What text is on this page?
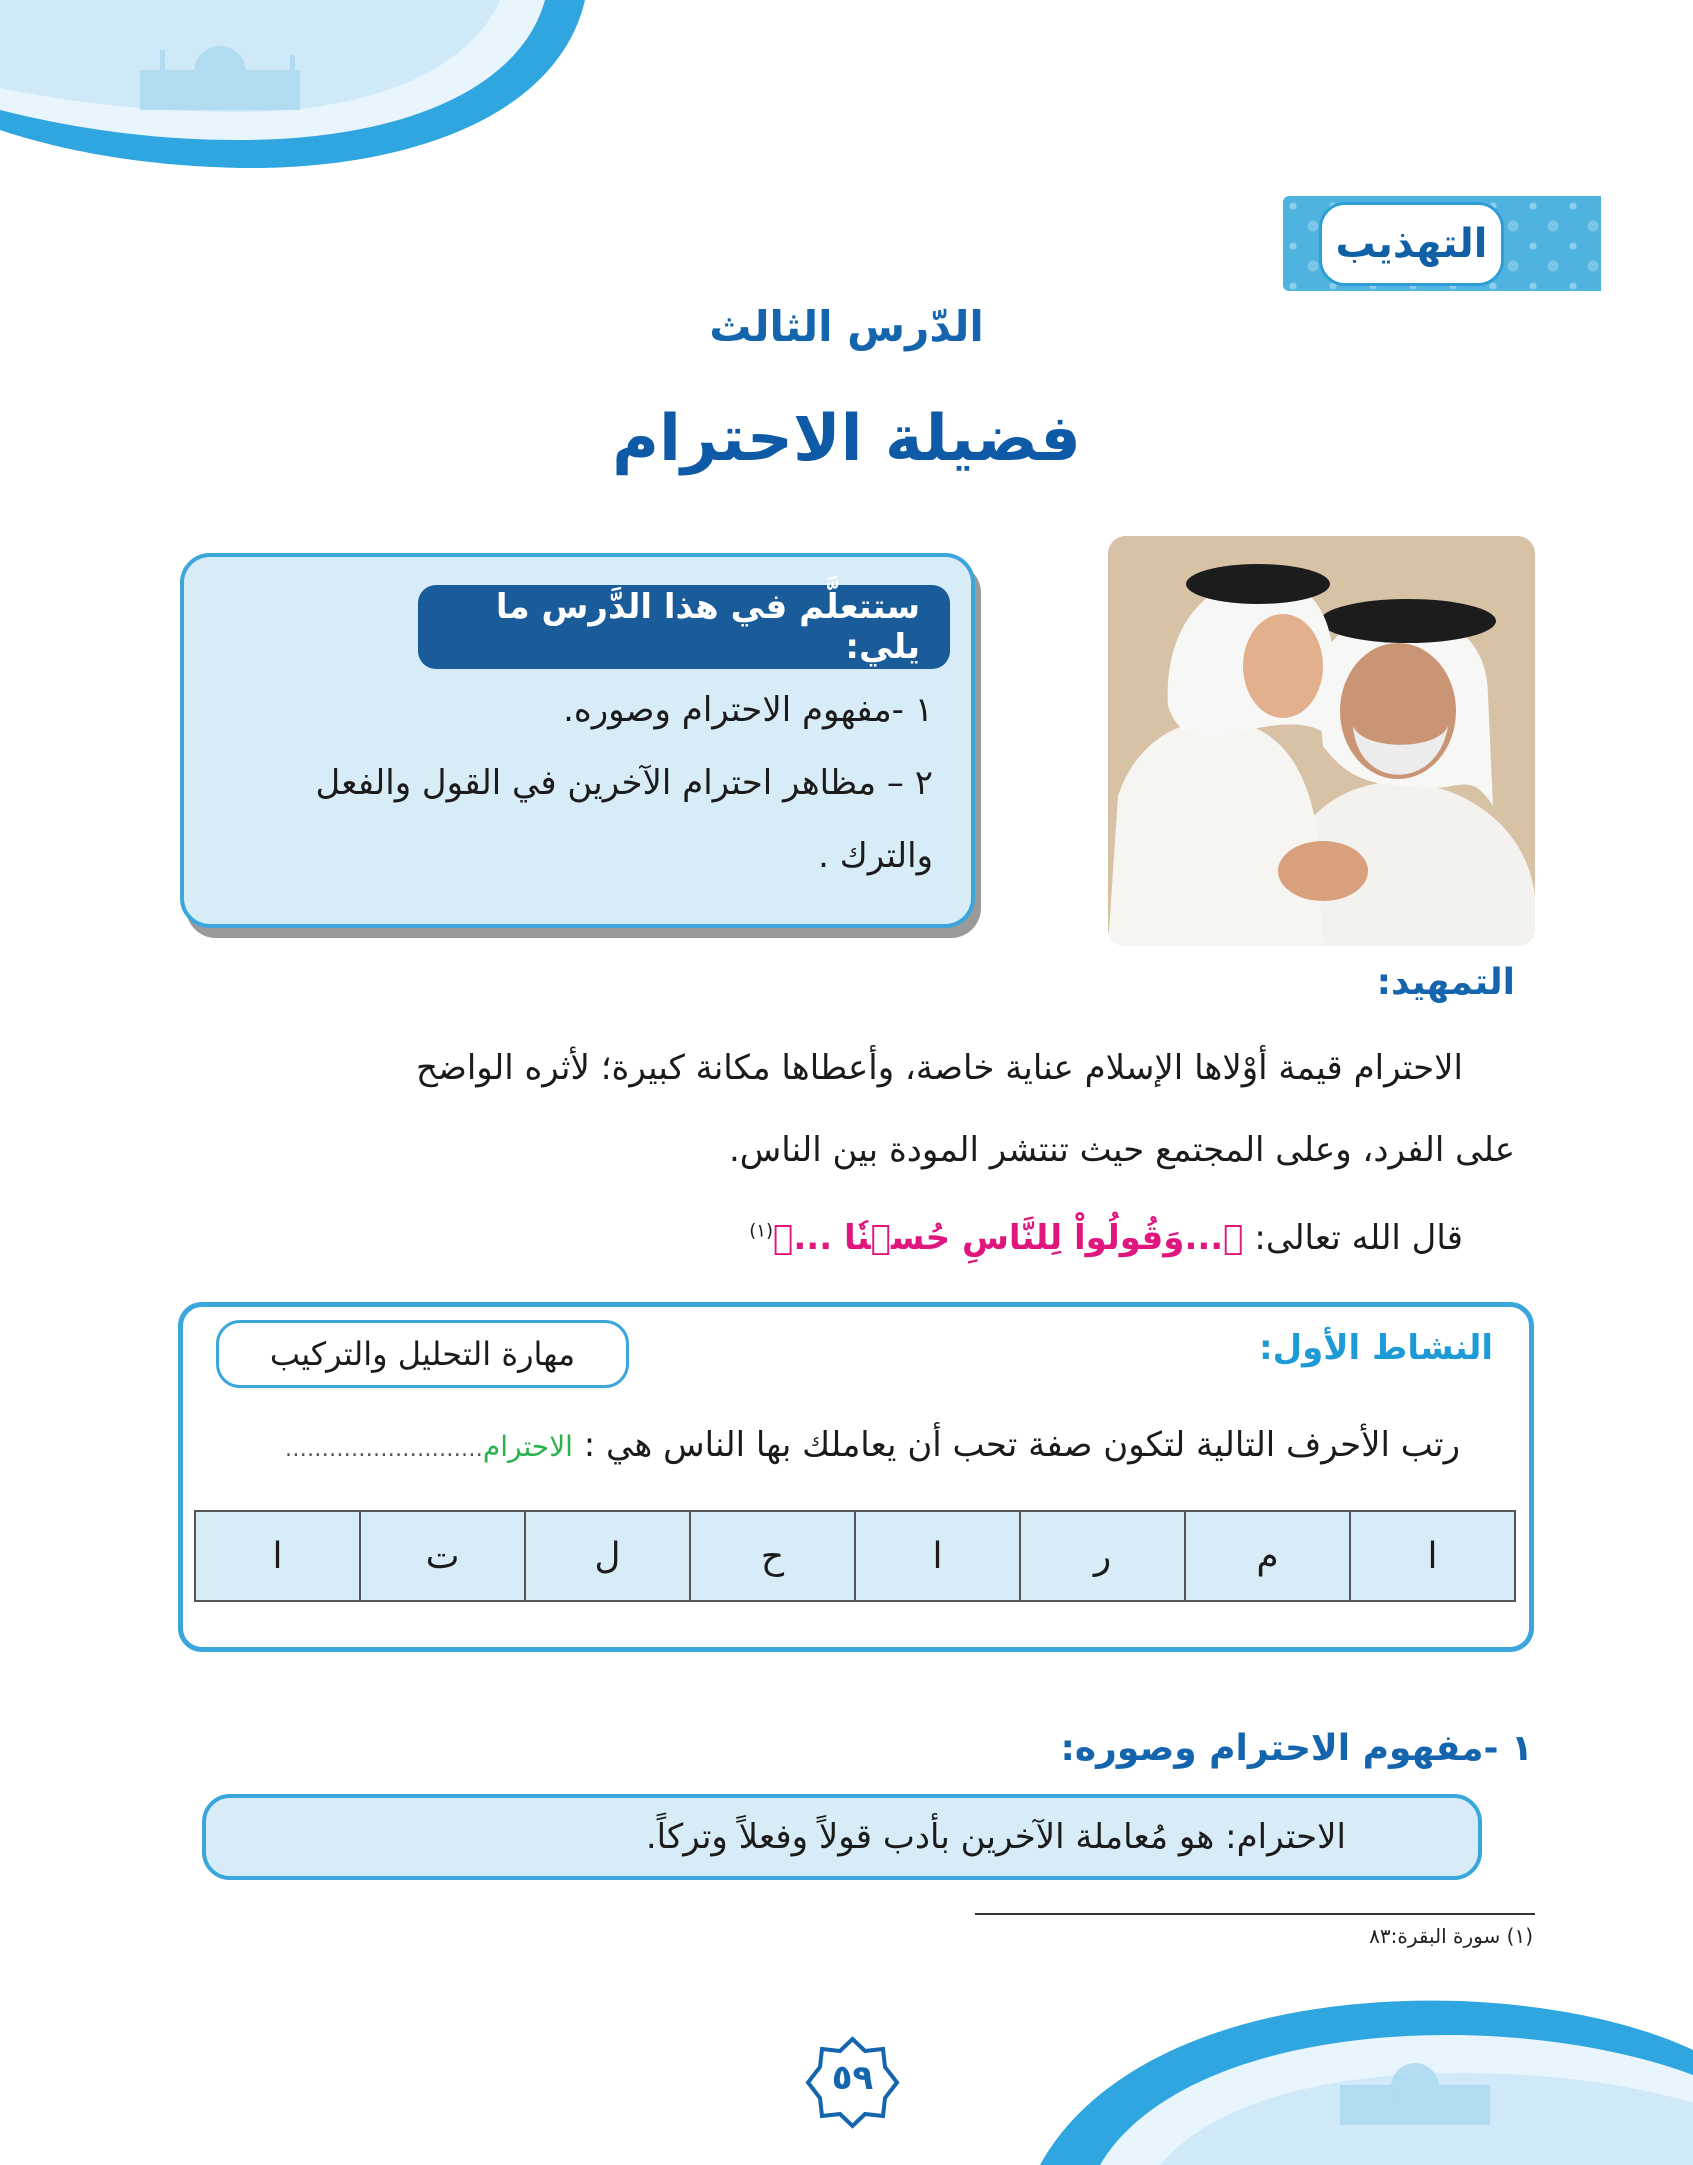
التهذيب
الدّرس الثالث
فضيلة الاحترام
ستتعلَّم في هذا الدَّرس ما يلي:
١ -مفهوم الاحترام وصوره.
٢ – مظاهر احترام الآخرين في القول والفعل
والترك .
التمهيد:
الاحترام قيمة أوْلاها الإسلام عناية خاصة، وأعطاها مكانة كبيرة؛ لأثره الواضح
على الفرد، وعلى المجتمع حيث تنتشر المودة بين الناس.
قال الله تعالى: ﴿...وَقُولُواْ لِلنَّاسِ حُسۡنٗا ...﴾$^{(١)}$
مهارة التحليل والتركيب	النشاط الأول:
رتب الأحرف التالية لتكون صفة تحب أن يعاملك بها الناس هي : الاحترام………………………
ا
م
ر
ا
ح
ل
ت
ا
١ -مفهوم الاحترام وصوره:
الاحترام: هو مُعاملة الآخرين بأدب قولاً وفعلاً وتركاً.
(١) سورة البقرة:٨٣
٥٩
